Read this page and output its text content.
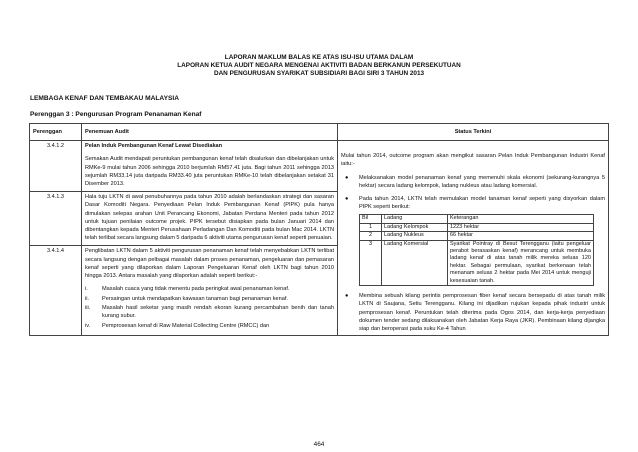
LAPORAN MAKLUM BALAS KE ATAS ISU-ISU UTAMA DALAM
LAPORAN KETUA AUDIT NEGARA MENGENAI AKTIVITI BADAN BERKANUN PERSEKUTUAN
DAN PENGURUSAN SYARIKAT SUBSIDIARI BAGI SIRI 3 TAHUN 2013
LEMBAGA KENAF DAN TEMBAKAU MALAYSIA
Perenggan 3 : Pengurusan Program Penanaman Kenaf
Perenggan	Penemuan Audit	Status Terkini
3.4.1.2	Pelan Induk Pembangunan Kenaf Lewat Disediakan
Semakan Audit mendapati peruntukan pembangunan kenaf telah disalurkan dan dibelanjakan untuk RMKe-9 mulai tahun 2006 sehingga 2010 berjumlah RM57.41 juta. Bagi tahun 2011 sehingga 2013 sejumlah RM33.14 juta daripada RM33.40 juta peruntukan RMKe-10 telah dibelanjakan setakat 31 Disember 2013.

Mulai tahun 2014, outcome program akan mengikut sasaran Pelan Induk Pembangunan Industri Kenaf iaitu:-
●	Melaksanakan model penanaman kenaf yang memenuhi skala ekonomi (sekurang-kurangnya 5 hektar) secara ladang kelompok, ladang nukleus atau ladang komersial.
●	Pada tahun 2014, LKTN telah memulakan model tanaman kenaf seperti yang disyorkan dalam PIPK seperti berikut:
Bil	Ladang	Keterangan
1	Ladang Kelompok	1223 hektar
2	Ladang Nukleus	66 hektar
3	Ladang Komersial	Syarikat Pointray di Besut Terengganu (iaitu pengeluar perabot berasaskan kenaf) merancang untuk membuka ladang kenaf di atas tanah milik mereka seluas 120 hektar. Sebagai permulaan, syarikat berkenaan telah menanam seluas 2 hektar pada Mei 2014 untuk menguji kesesuaian tanah.
●	Membina sebuah kilang perintis pemprosesan fiber kenaf secara bersepadu di atas tanah milik LKTN di Saujana, Setiu Terengganu. Kilang ini dijadikan rujukan kepada pihak industri untuk pemprosesan kenaf. Peruntukan telah diterima pada Ogos 2014, dan kerja-kerja penyediaan dokumen tender sedang dilaksanakan oleh Jabatan Kerja Raya (JKR). Pembinaan kilang dijangka siap dan beroperasi pada suku Ke-4 Tahun

3.4.1.3	Hala tuju LKTN di awal penubuhannya pada tahun 2010 adalah berlandaskan strategi dan sasaran Dasar Komoditi Negara. Penyediaan Pelan Induk Pembangunan Kenaf (PIPK) pula hanya dimulakan selepas arahan Unit Perancang Ekonomi, Jabatan Perdana Menteri pada tahun 2012 untuk tujuan penilaian outcome projek. PIPK tersebut disiapkan pada bulan Januari 2014 dan dibentangkan kepada Menteri Perusahaan Perladangan Dan Komoditi pada bulan Mac 2014. LKTN telah terlibat secara langsung dalam 5 daripada 6 aktiviti utama pengurusan kenaf seperti penuaian.
3.4.1.4	Penglibatan LKTN dalam 5 aktiviti pengurusan penanaman kenaf telah menyebabkan LKTN terlibat secara langsung dengan pelbagai masalah dalam proses penanaman, pengeluaran dan pemasaran kenaf seperti yang dilaporkan dalam Laporan Pengeluaran Kenaf oleh LKTN bagi tahun 2010 hingga 2013. Antara masalah yang dilaporkan adalah seperti berikut:-
i.	Masalah cuaca yang tidak menentu pada peringkat awal penanaman kenaf.
ii.	Persaingan untuk mendapatkan kawasan tanaman bagi penanaman kenaf.
iii.	Masalah hasil seketar yang masih rendah ekoran kurang percambahan benih dan tanah kurang subur.
iv.	Pemprosesan kenaf di Raw Material Collecting Centre (RMCC) dan
464
